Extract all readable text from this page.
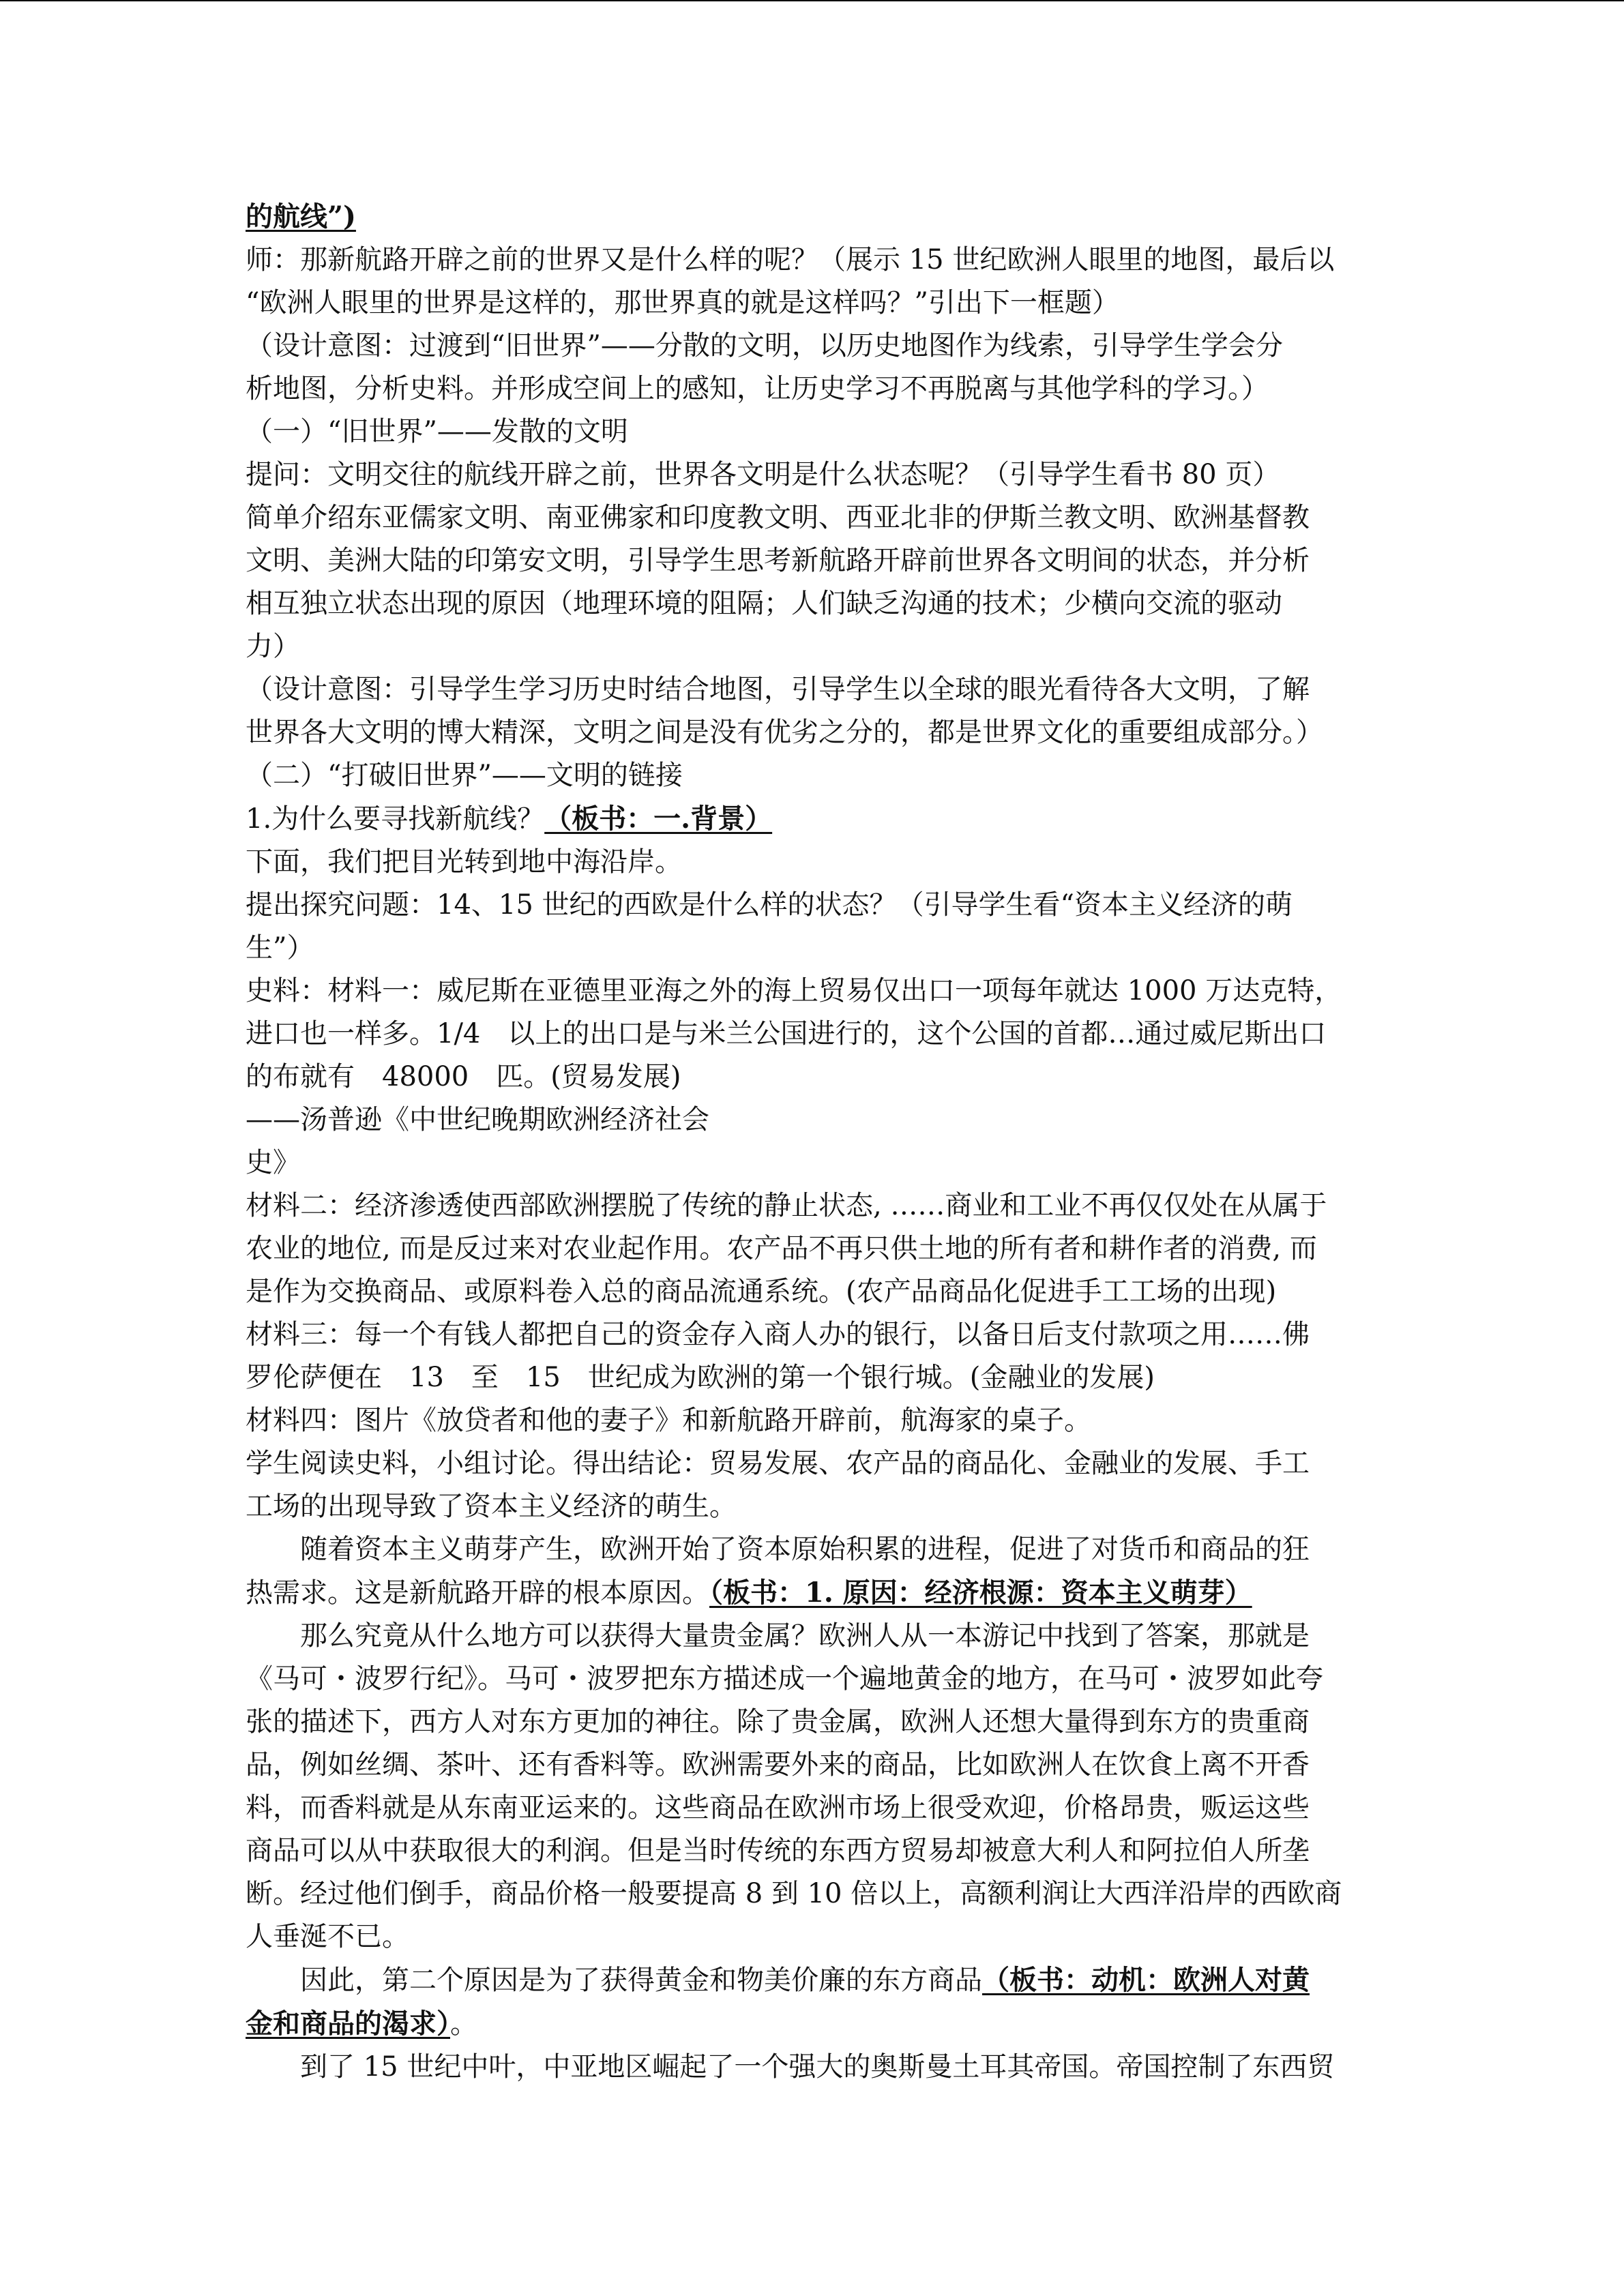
的航线”)

师：那新航路开辟之前的世界又是什么样的呢？（展示 15 世纪欧洲人眼里的地图，最后以

“欧洲人眼里的世界是这样的，那世界真的就是这样吗？”引出下一框题）

（设计意图：过渡到“旧世界”——分散的文明，以历史地图作为线索，引导学生学会分

析地图，分析史料。并形成空间上的感知，让历史学习不再脱离与其他学科的学习。）

（一）“旧世界”——发散的文明

提问：文明交往的航线开辟之前，世界各文明是什么状态呢？（引导学生看书 80 页）

简单介绍东亚儒家文明、南亚佛家和印度教文明、西亚北非的伊斯兰教文明、欧洲基督教

文明、美洲大陆的印第安文明，引导学生思考新航路开辟前世界各文明间的状态，并分析

相互独立状态出现的原因（地理环境的阻隔；人们缺乏沟通的技术；少横向交流的驱动

力）

（设计意图：引导学生学习历史时结合地图，引导学生以全球的眼光看待各大文明，了解

世界各大文明的博大精深，文明之间是没有优劣之分的，都是世界文化的重要组成部分。）

（二）“打破旧世界”——文明的链接

1.为什么要寻找新航线？（板书：一.背景）

下面，我们把目光转到地中海沿岸。

提出探究问题：14、15 世纪的西欧是什么样的状态？（引导学生看“资本主义经济的萌

生”）

史料：材料一：威尼斯在亚德里亚海之外的海上贸易仅出口一项每年就达 1000 万达克特，

进口也一样多。1/4　以上的出口是与米兰公国进行的，这个公国的首都…通过威尼斯出口

的布就有　48000　匹。(贸易发展)

——汤普逊《中世纪晚期欧洲经济社会

史》

材料二：经济渗透使西部欧洲摆脱了传统的静止状态, ……商业和工业不再仅仅处在从属于

农业的地位, 而是反过来对农业起作用。农产品不再只供土地的所有者和耕作者的消费, 而

是作为交换商品、或原料卷入总的商品流通系统。(农产品商品化促进手工工场的出现)

材料三：每一个有钱人都把自己的资金存入商人办的银行，以备日后支付款项之用……佛

罗伦萨便在　13　至　15　世纪成为欧洲的第一个银行城。(金融业的发展)

材料四：图片《放贷者和他的妻子》和新航路开辟前，航海家的桌子。

学生阅读史料，小组讨论。得出结论：贸易发展、农产品的商品化、金融业的发展、手工

工场的出现导致了资本主义经济的萌生。

随着资本主义萌芽产生，欧洲开始了资本原始积累的进程，促进了对货币和商品的狂

热需求。这是新航路开辟的根本原因。（板书：1. 原因：经济根源：资本主义萌芽）

那么究竟从什么地方可以获得大量贵金属？欧洲人从一本游记中找到了答案，那就是

《马可・波罗行纪》。马可・波罗把东方描述成一个遍地黄金的地方，在马可・波罗如此夸

张的描述下，西方人对东方更加的神往。除了贵金属，欧洲人还想大量得到东方的贵重商

品，例如丝绸、茶叶、还有香料等。欧洲需要外来的商品，比如欧洲人在饮食上离不开香

料，而香料就是从东南亚运来的。这些商品在欧洲市场上很受欢迎，价格昂贵，贩运这些

商品可以从中获取很大的利润。但是当时传统的东西方贸易却被意大利人和阿拉伯人所垄

断。经过他们倒手，商品价格一般要提高 8 到 10 倍以上，高额利润让大西洋沿岸的西欧商

人垂涎不已。

因此，第二个原因是为了获得黄金和物美价廉的东方商品（板书：动机：欧洲人对黄

金和商品的渴求）。

到了 15 世纪中叶，中亚地区崛起了一个强大的奥斯曼土耳其帝国。帝国控制了东西贸
